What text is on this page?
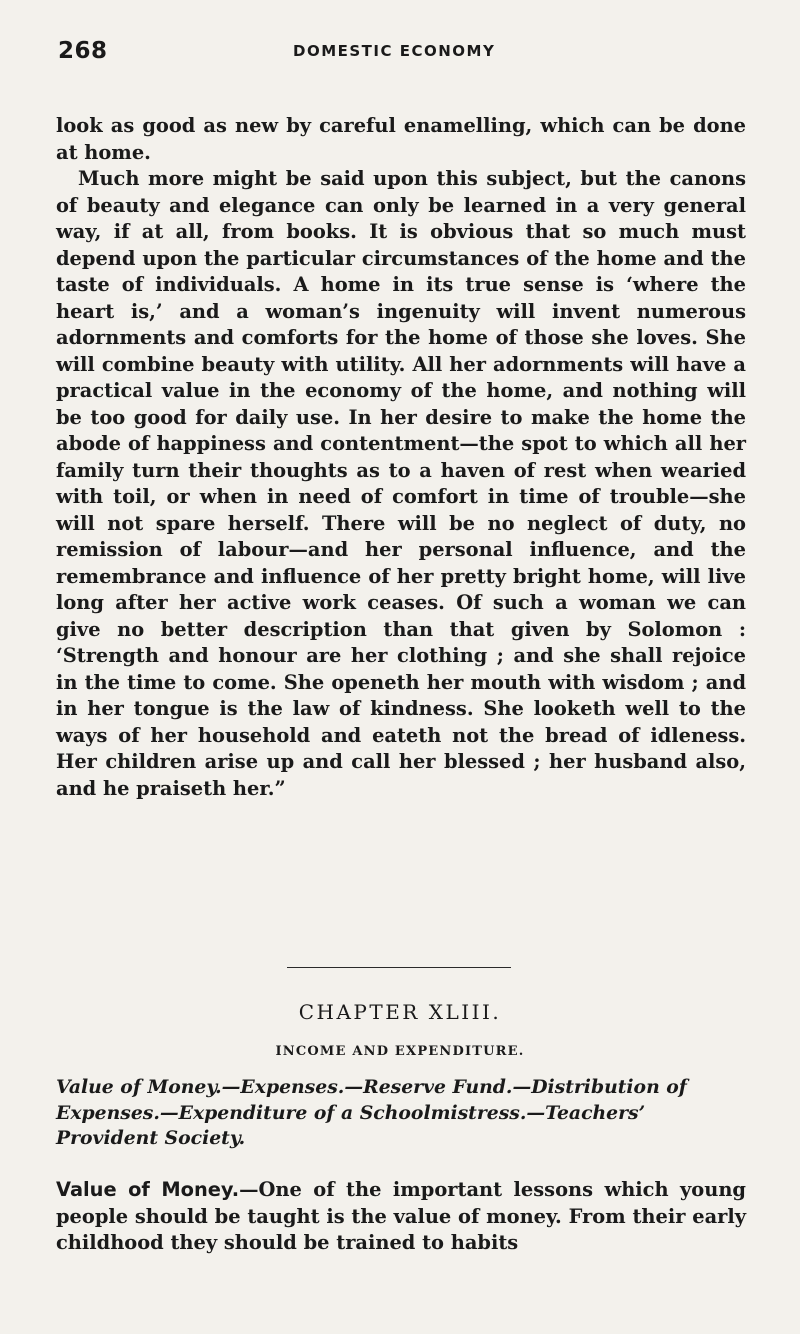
268	DOMESTIC ECONOMY

look as good as new by careful enamelling, which can be done at home.

Much more might be said upon this subject, but the canons of beauty and elegance can only be learned in a very general way, if at all, from books. It is obvious that so much must depend upon the particular circumstances of the home and the taste of individuals. A home in its true sense is ‘where the heart is,’ and a woman’s ingenuity will invent numerous adornments and comforts for the home of those she loves. She will combine beauty with utility. All her adornments will have a practical value in the economy of the home, and nothing will be too good for daily use. In her desire to make the home the abode of happiness and contentment—the spot to which all her family turn their thoughts as to a haven of rest when wearied with toil, or when in need of comfort in time of trouble—she will not spare herself. There will be no neglect of duty, no remission of labour—and her personal influence, and the remembrance and influence of her pretty bright home, will live long after her active work ceases. Of such a woman we can give no better description than that given by Solomon : ‘Strength and honour are her clothing ; and she shall rejoice in the time to come. She openeth her mouth with wisdom ; and in her tongue is the law of kindness. She looketh well to the ways of her household and eateth not the bread of idleness. Her children arise up and call her blessed ; her husband also, and he praiseth her.”

CHAPTER XLIII.
INCOME AND EXPENDITURE.

Value of Money.—Expenses.—Reserve Fund.—Distribution of Expenses.—Expenditure of a Schoolmistress.—Teachers’ Provident Society.

Value of Money.—One of the important lessons which young people should be taught is the value of money. From their early childhood they should be trained to habits
